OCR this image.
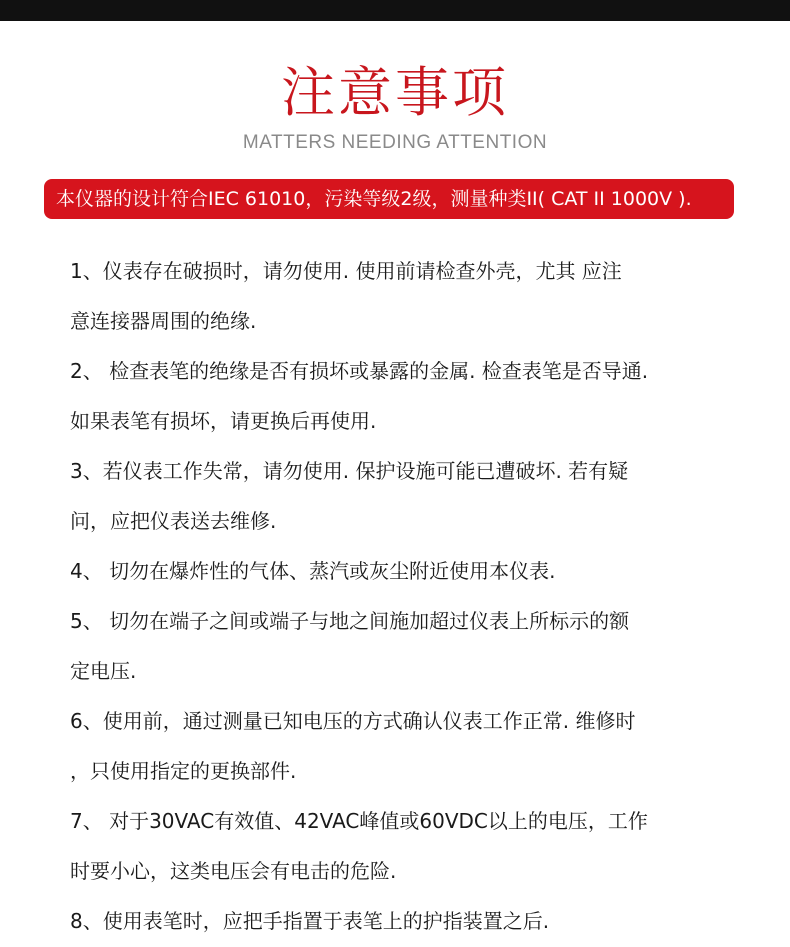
注意事项
MATTERS NEEDING ATTENTION
本仪器的设计符合IEC 61010，污染等级2级，测量种类II( CAT II 1000V ).
1、仪表存在破损时，请勿使用. 使用前请检查外壳，尤其 应注
意连接器周围的绝缘.
2、 检查表笔的绝缘是否有损坏或暴露的金属. 检查表笔是否导通.
如果表笔有损坏，请更换后再使用.
3、若仪表工作失常，请勿使用. 保护设施可能已遭破坏. 若有疑
问，应把仪表送去维修.
4、 切勿在爆炸性的气体、蒸汽或灰尘附近使用本仪表.
5、 切勿在端子之间或端子与地之间施加超过仪表上所标示的额
定电压.
6、使用前，通过测量已知电压的方式确认仪表工作正常. 维修时
，只使用指定的更换部件.
7、 对于30VAC有效值、42VAC峰值或60VDC以上的电压，工作
时要小心，这类电压会有电击的危险.
8、使用表笔时，应把手指置于表笔上的护指装置之后.
